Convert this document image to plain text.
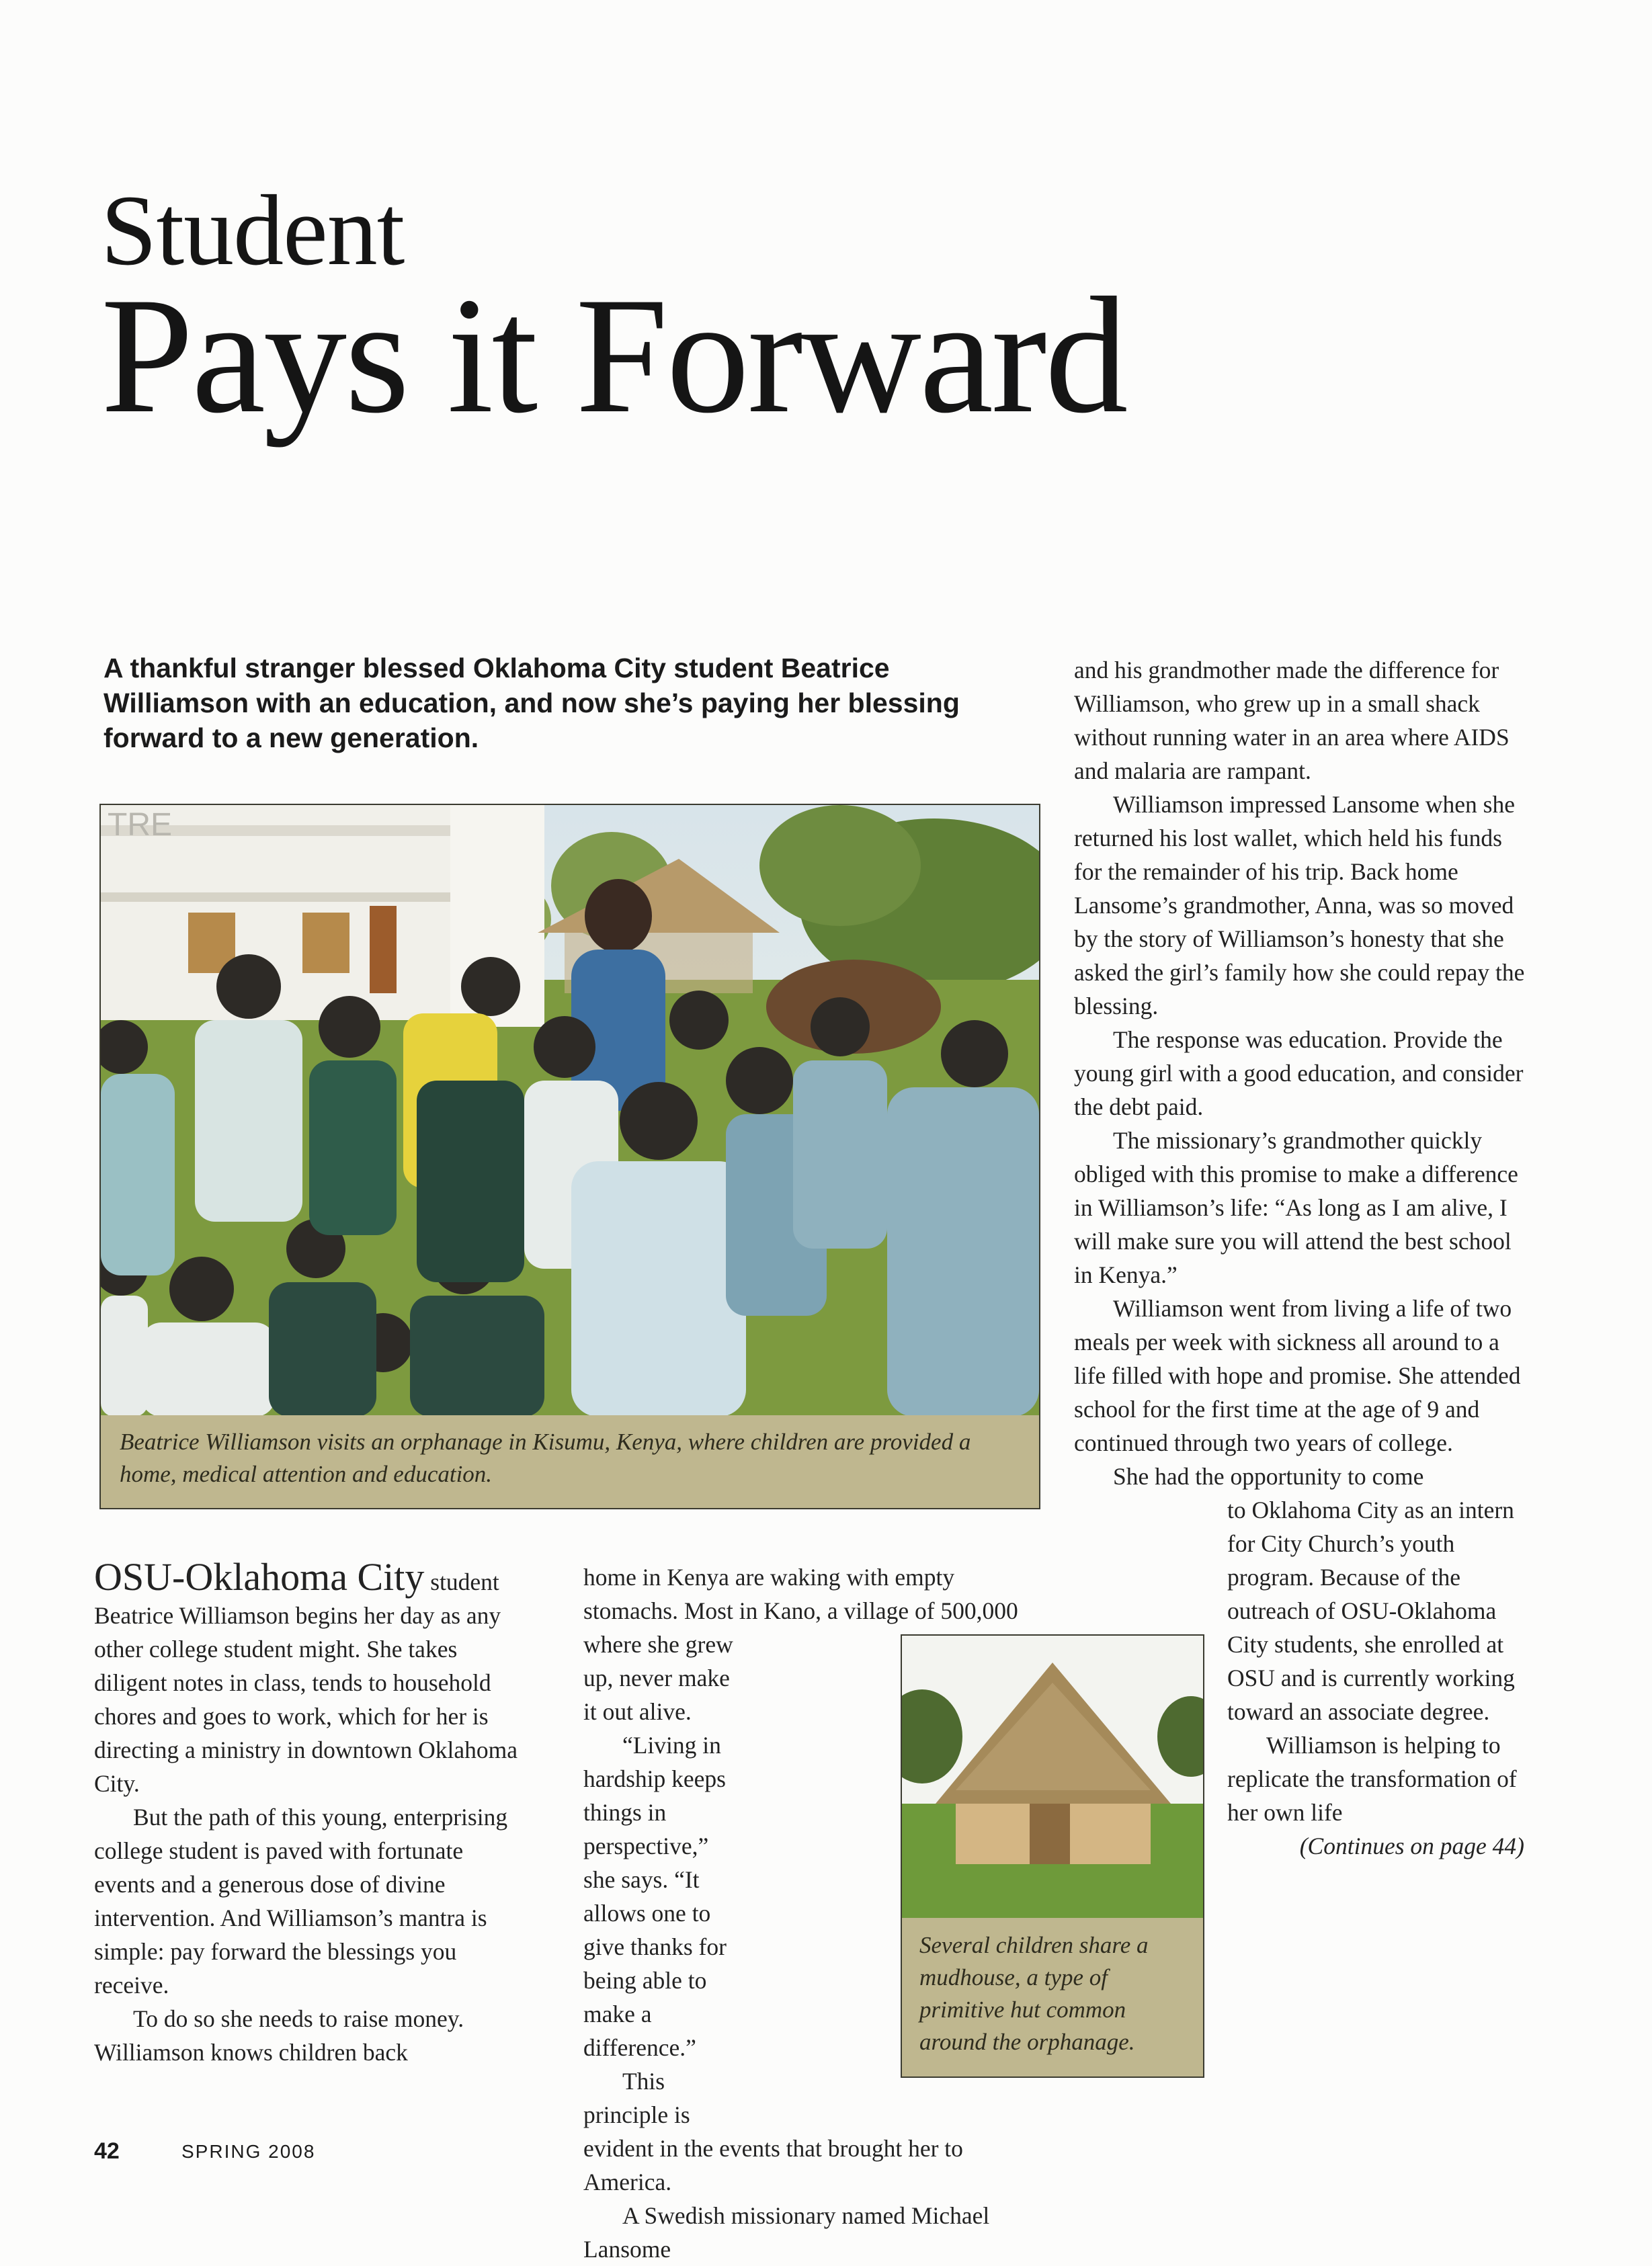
Student
Pays it Forward
A thankful stranger blessed Oklahoma City student Beatrice Williamson with an education, and now she’s paying her blessing forward to a new generation.
TRE
Beatrice Williamson visits an orphanage in Kisumu, Kenya, where children are provided a home, medical attention and education.
Several children share a mudhouse, a type of primitive hut common around the orphanage.

OSU-Oklahoma City student Beatrice Williamson begins her day as any other college student might. She takes diligent notes in class, tends to household chores and goes to work, which for her is directing a ministry in downtown Oklahoma City.

But the path of this young, enterprising college student is paved with fortunate events and a generous dose of divine intervention. And Williamson’s mantra is simple: pay forward the blessings you receive.

To do so she needs to raise money. Williamson knows children back

home in Kenya are waking with empty stomachs. Most in Kano, a village of 500,000 where she grew up, never make it out alive.

“Living in hardship keeps things in perspective,” she says. “It allows one to give thanks for being able to make a difference.”

This principle is evident in the events that brought her to America.

A Swedish missionary named Michael Lansome

and his grandmother made the difference for Williamson, who grew up in a small shack without running water in an area where AIDS and malaria are rampant.

Williamson impressed Lansome when she returned his lost wallet, which held his funds for the remainder of his trip. Back home Lansome’s grandmother, Anna, was so moved by the story of Williamson’s honesty that she asked the girl’s family how she could repay the blessing.

The response was education. Provide the young girl with a good education, and consider the debt paid.

The missionary’s grandmother quickly obliged with this promise to make a difference in Williamson’s life: “As long as I am alive, I will make sure you will attend the best school in Kenya.”

Williamson went from living a life of two meals per week with sickness all around to a life filled with hope and promise. She attended school for the first time at the age of 9 and continued through two years of college.

She had the opportunity to come

to Oklahoma City as an intern for City Church’s youth program. Because of the outreach of OSU-Oklahoma City students, she enrolled at OSU and is currently working toward an associate degree.

Williamson is helping to replicate the transformation of her own life

(Continues on page 44)

42	SPRING 2008
